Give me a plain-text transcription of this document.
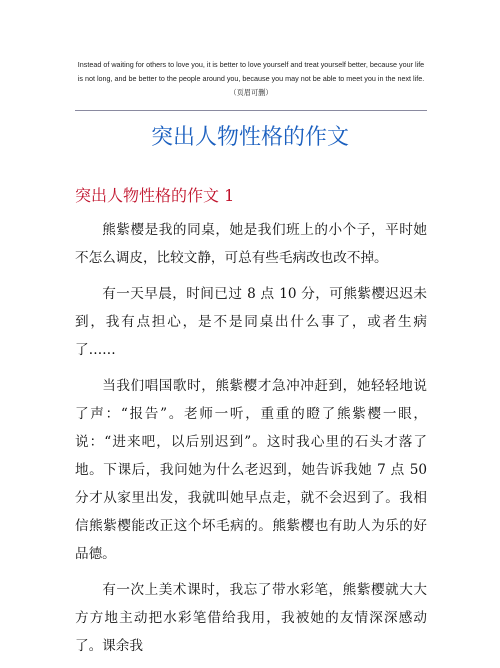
Instead of waiting for others to love you, it is better to love yourself and treat yourself better, because your life is not long, and be better to the people around you, because you may not be able to meet you in the next life.（页眉可删）
突出人物性格的作文
突出人物性格的作文 1

熊紫樱是我的同桌，她是我们班上的小个子，平时她不怎么调皮，比较文静，可总有些毛病改也改不掉。

有一天早晨，时间已过 8 点 10 分，可熊紫樱迟迟未到，我有点担心，是不是同桌出什么事了，或者生病了……

当我们唱国歌时，熊紫樱才急冲冲赶到，她轻轻地说了声：“报告”。老师一听，重重的瞪了熊紫樱一眼，说：“进来吧，以后别迟到”。这时我心里的石头才落了地。下课后，我问她为什么老迟到，她告诉我她 7 点 50 分才从家里出发，我就叫她早点走，就不会迟到了。我相信熊紫樱能改正这个坏毛病的。熊紫樱也有助人为乐的好品德。

有一次上美术课时，我忘了带水彩笔，熊紫樱就大大方方地主动把水彩笔借给我用，我被她的友情深深感动了。课余我
